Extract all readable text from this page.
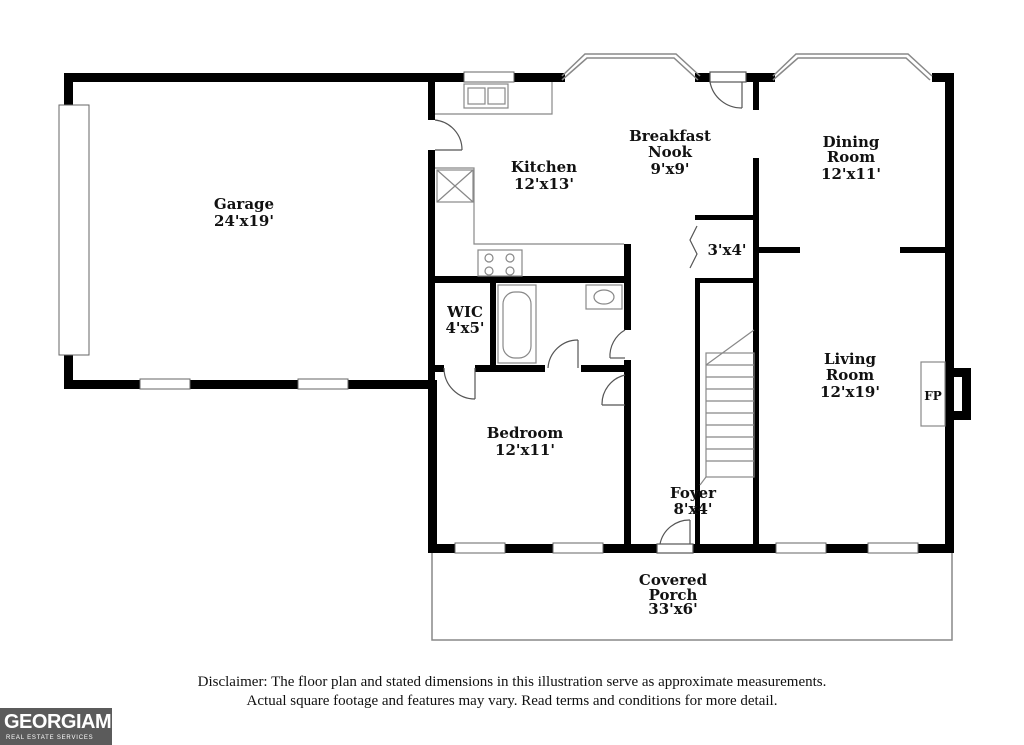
Garage
24'x19'
Kitchen
12'x13'
Breakfast
Nook
9'x9'
Dining
Room
12'x11'
3'x4'
WIC
4'x5'
Living
Room
12'x19'	FP
Bedroom
12'x11'
Foyer
8'x4'
Covered
Porch
33'x6'
Disclaimer: The floor plan and stated dimensions in this illustration serve as approximate measurements.
Actual square footage and features may vary. Read terms and conditions for more detail.
GEORGIAMLS
REAL ESTATE SERVICES
